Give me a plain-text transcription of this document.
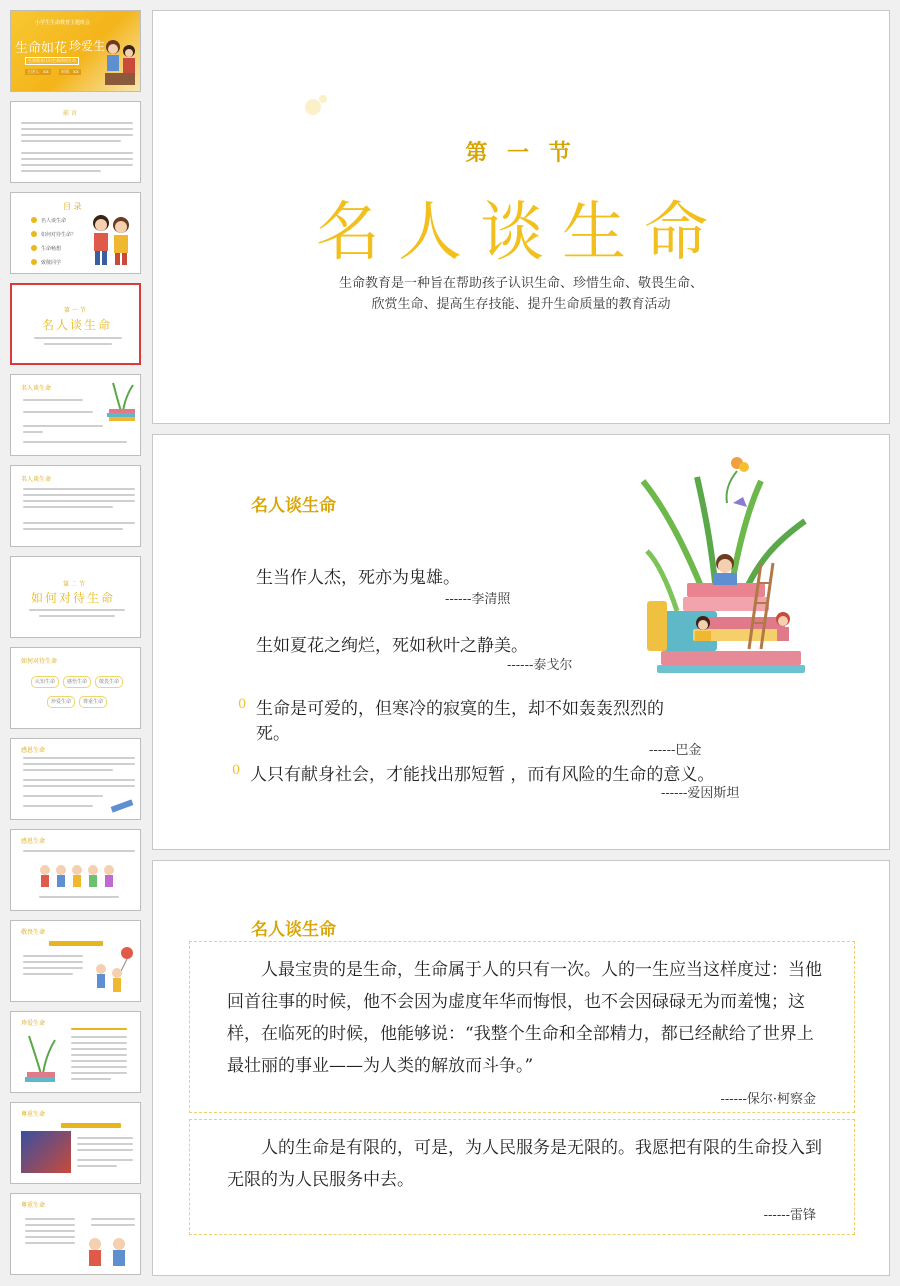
小学生生命教育主题班会
生命如花 珍爱生
生命教育认识生命珍惜生命
主讲人：XX	时间：XX
前 言
目 录
名人谈生命
如何对待生命？
生命畅想
致敬同学
第 一 节
名人谈生命
名人谈生命
名人谈生命
第 二 节
如何对待生命
如何对待生命
认知生命	感悟生命	敬畏生命
珍爱生命	尊重生命
感恩生命
感恩生命
敬畏生命
珍爱生命
尊重生命
尊重生命
第 一 节
名人谈生命
生命教育是一种旨在帮助孩子认识生命、珍惜生命、敬畏生命、
欣赏生命、提高生存技能、提升生命质量的教育活动
名人谈生命
生当作人杰，死亦为鬼雄。
------李清照
生如夏花之绚烂，死如秋叶之静美。
------泰戈尔
0 生命是可爱的，但寒冷的寂寞的生，却不如轰轰烈烈的
死。
------巴金
0 人只有献身社会，才能找出那短暂 ，而有风险的生命的意义。
------爱因斯坦
名人谈生命
人最宝贵的是生命，生命属于人的只有一次。人的一生应当这样度过：当他回首往事的时候，他不会因为虚度年华而悔恨，也不会因碌碌无为而羞愧；这样，在临死的时候，他能够说：“我整个生命和全部精力，都已经献给了世界上最壮丽的事业——为人类的解放而斗争。”
------保尔·柯察金
人的生命是有限的，可是，为人民服务是无限的。我愿把有限的生命投入到无限的为人民服务中去。
------雷锋
